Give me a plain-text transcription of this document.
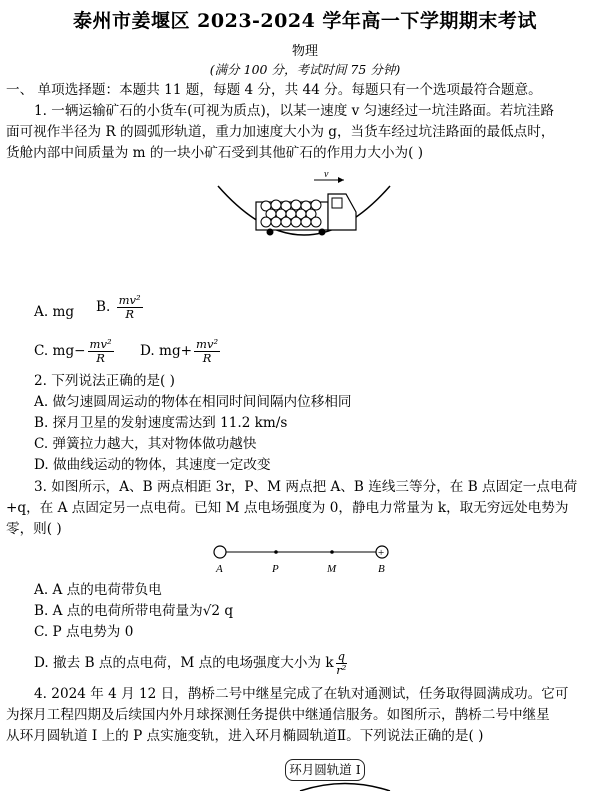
泰州市姜堰区 2023-2024 学年高一下学期期末考试
物理
(满分 100 分，考试时间 75 分钟)
一、 单项选择题：本题共 11 题，每题 4 分，共 44 分。每题只有一个选项最符合题意。
1. 一辆运输矿石的小货车(可视为质点)，以某一速度 v 匀速经过一坑洼路面。若坑洼路
面可视作半径为 R 的圆弧形轨道，重力加速度大小为 g，当货车经过坑洼路面的最低点时，
货舱内部中间质量为 m 的一块小矿石受到其他矿石的作用力大小为( )
v
A. mg B. $\frac{\text{mv²}}{R}$
C. $mg- \frac{\text{mv²}}{R} D$. $mg+ \frac{\text{mv²}}{R}$
2. 下列说法正确的是( )
A. 做匀速圆周运动的物体在相同时间间隔内位移相同
B. 探月卫星的发射速度需达到 11.2 km/s
C. 弹簧拉力越大，其对物体做功越快
D. 做曲线运动的物体，其速度一定改变
3. 如图所示，A、B 两点相距 3r，P、M 两点把 A、B 连线三等分，在 B 点固定一点电荷
+q，在 A 点固定另一点电荷。已知 M 点电场强度为 0，静电力常量为 k，取无穷远处电势为
零，则( )
+
A	P	M	B
A. A 点的电荷带负电
B. A 点的电荷所带电荷量为√2 q
C. P 点电势为 0
D. 撤去 B 点的点电荷，M 点的电场强度大小为 k $\frac{q}{\text{r²}}$
4. 2024 年 4 月 12 日，鹊桥二号中继星完成了在轨对通测试，任务取得圆满成功。它可
为探月工程四期及后续国内外月球探测任务提供中继通信服务。如图所示，鹊桥二号中继星
从环月圆轨道 I 上的 P 点实施变轨，进入环月椭圆轨道Ⅱ。下列说法正确的是( )
环月圆轨道 I
